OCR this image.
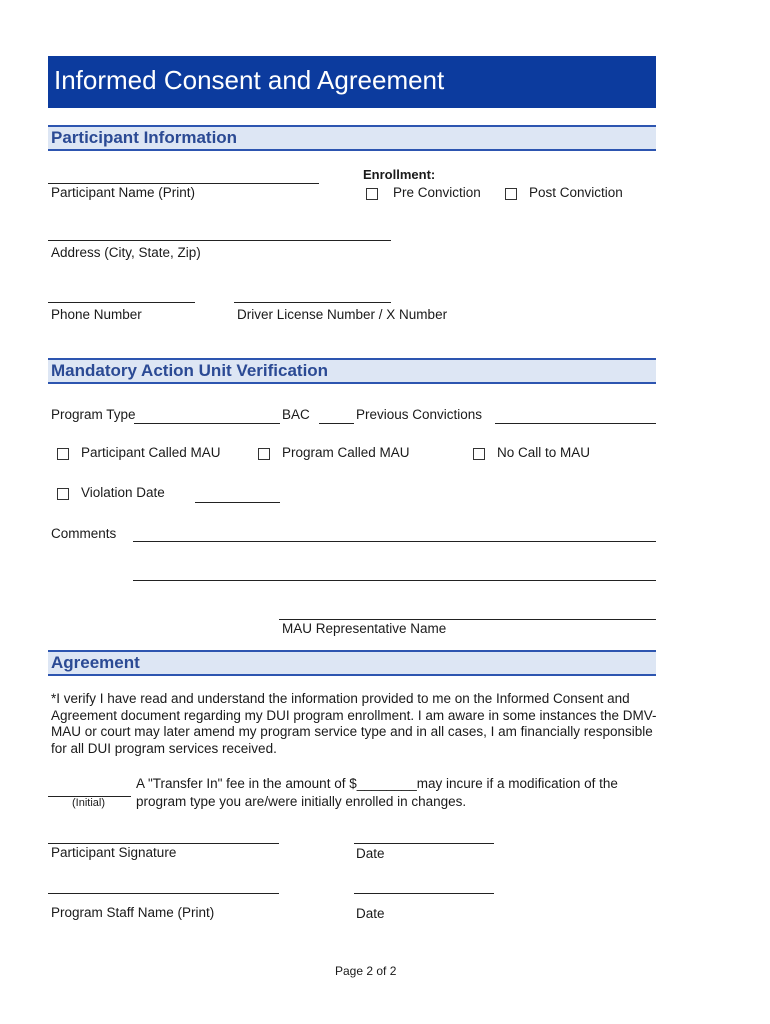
Informed Consent and Agreement
Participant Information
Participant Name (Print)
Enrollment:
Pre Conviction	Post Conviction
Address (City, State, Zip)
Phone Number	Driver License Number / X Number
Mandatory Action Unit Verification
Program Type	BAC	Previous Convictions
Participant Called MAU	Program Called MAU	No Call to MAU
Violation Date
Comments
MAU Representative Name
Agreement
*I verify I have read and understand the information provided to me on the Informed Consent and Agreement document regarding my DUI program enrollment. I am aware in some instances the DMV-MAU or court may later amend my program service type and in all cases, I am financially responsible for all DUI program services received.
A "Transfer In" fee in the amount of $________may incure if a modification of the
program type you are/were initially enrolled in changes.
(Initial)
Participant Signature	Date
Program Staff Name (Print)	Date
Page 2 of 2
